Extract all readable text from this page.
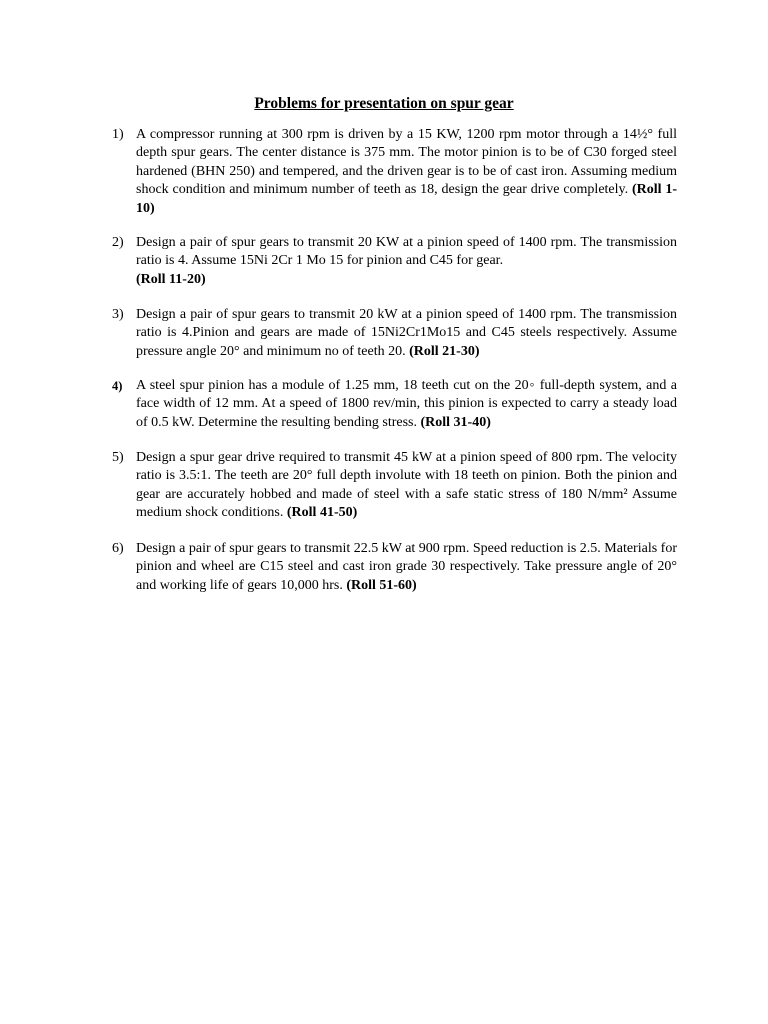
Problems for presentation on spur gear
1) A compressor running at 300 rpm is driven by a 15 KW, 1200 rpm motor through a 14½° full depth spur gears. The center distance is 375 mm. The motor pinion is to be of C30 forged steel hardened (BHN 250) and tempered, and the driven gear is to be of cast iron. Assuming medium shock condition and minimum number of teeth as 18, design the gear drive completely. (Roll 1-10)
2) Design a pair of spur gears to transmit 20 KW at a pinion speed of 1400 rpm. The transmission ratio is 4. Assume 15Ni 2Cr 1 Mo 15 for pinion and C45 for gear.
(Roll 11-20)
3) Design a pair of spur gears to transmit 20 kW at a pinion speed of 1400 rpm. The transmission ratio is 4.Pinion and gears are made of 15Ni2Cr1Mo15 and C45 steels respectively. Assume pressure angle 20° and minimum no of teeth 20. (Roll 21-30)
4) A steel spur pinion has a module of 1.25 mm, 18 teeth cut on the 20◦ full-depth system, and a face width of 12 mm. At a speed of 1800 rev/min, this pinion is expected to carry a steady load of 0.5 kW. Determine the resulting bending stress. (Roll 31-40)
5) Design a spur gear drive required to transmit 45 kW at a pinion speed of 800 rpm. The velocity ratio is 3.5:1. The teeth are 20° full depth involute with 18 teeth on pinion. Both the pinion and gear are accurately hobbed and made of steel with a safe static stress of 180 N/mm² Assume medium shock conditions. (Roll 41-50)
6) Design a pair of spur gears to transmit 22.5 kW at 900 rpm. Speed reduction is 2.5. Materials for pinion and wheel are C15 steel and cast iron grade 30 respectively. Take pressure angle of 20° and working life of gears 10,000 hrs. (Roll 51-60)
